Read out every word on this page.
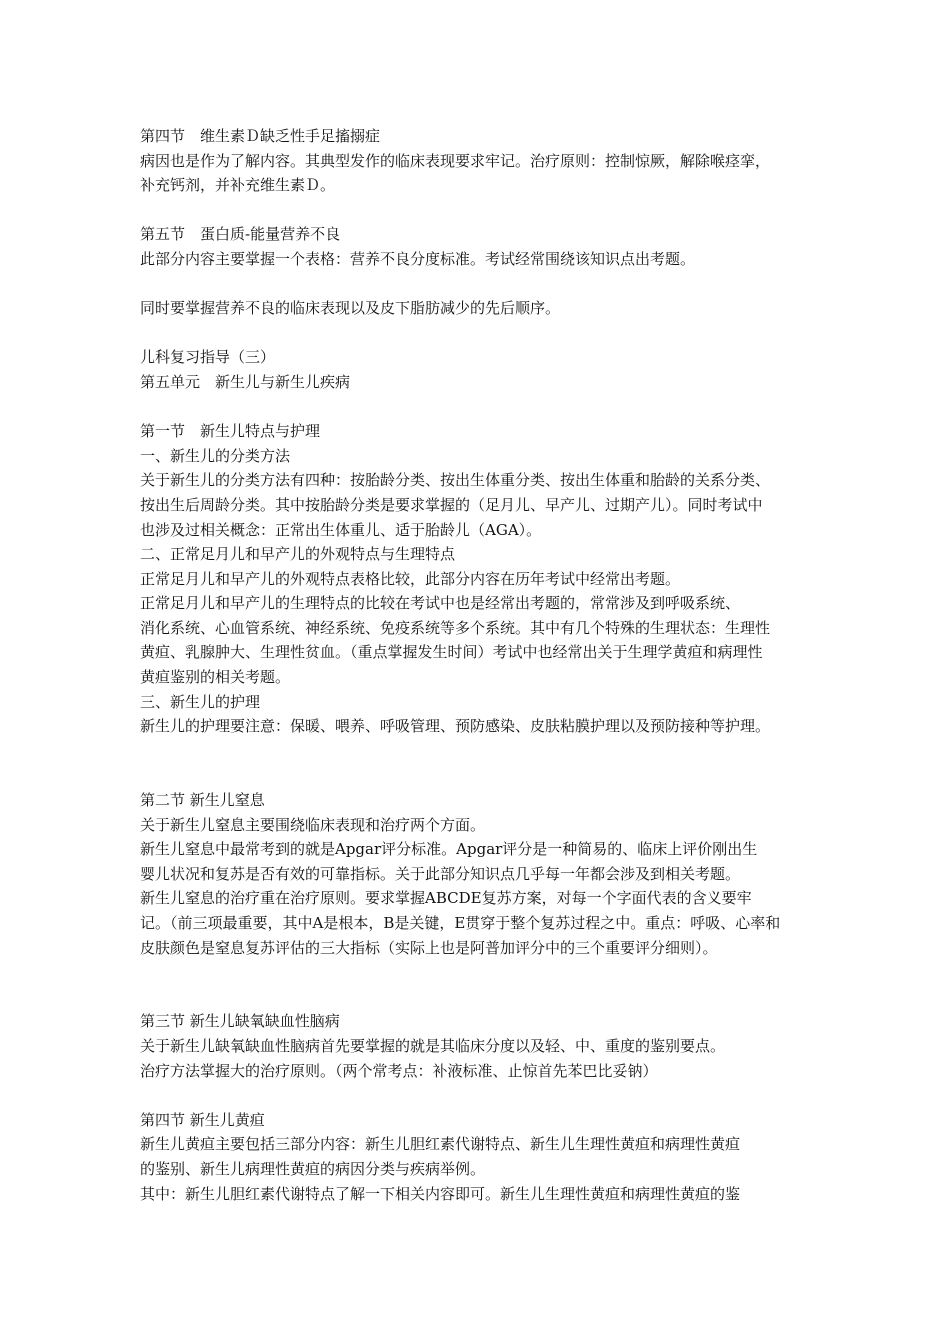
第四节　维生素Ｄ缺乏性手足搐搦症
病因也是作为了解内容。其典型发作的临床表现要求牢记。治疗原则：控制惊厥，解除喉痉挛，
补充钙剂，并补充维生素Ｄ。
第五节　蛋白质-能量营养不良
此部分内容主要掌握一个表格：营养不良分度标准。考试经常围绕该知识点出考题。
同时要掌握营养不良的临床表现以及皮下脂肪减少的先后顺序。
儿科复习指导（三）
第五单元　新生儿与新生儿疾病
第一节　新生儿特点与护理
一、新生儿的分类方法
关于新生儿的分类方法有四种：按胎龄分类、按出生体重分类、按出生体重和胎龄的关系分类、
按出生后周龄分类。其中按胎龄分类是要求掌握的（足月儿、早产儿、过期产儿）。同时考试中
也涉及过相关概念：正常出生体重儿、适于胎龄儿（AGA）。
二、正常足月儿和早产儿的外观特点与生理特点
正常足月儿和早产儿的外观特点表格比较，此部分内容在历年考试中经常出考题。
正常足月儿和早产儿的生理特点的比较在考试中也是经常出考题的，常常涉及到呼吸系统、
消化系统、心血管系统、神经系统、免疫系统等多个系统。其中有几个特殊的生理状态：生理性
黄疸、乳腺肿大、生理性贫血。（重点掌握发生时间）考试中也经常出关于生理学黄疸和病理性
黄疸鉴别的相关考题。
三、新生儿的护理
新生儿的护理要注意：保暖、喂养、呼吸管理、预防感染、皮肤粘膜护理以及预防接种等护理。
第二节 新生儿窒息
关于新生儿窒息主要围绕临床表现和治疗两个方面。
新生儿窒息中最常考到的就是Apgar评分标准。Apgar评分是一种简易的、临床上评价刚出生
婴儿状况和复苏是否有效的可靠指标。关于此部分知识点几乎每一年都会涉及到相关考题。
新生儿窒息的治疗重在治疗原则。要求掌握ABCDE复苏方案，对每一个字面代表的含义要牢
记。（前三项最重要，其中A是根本，B是关键，E贯穿于整个复苏过程之中。重点：呼吸、心率和
皮肤颜色是窒息复苏评估的三大指标（实际上也是阿普加评分中的三个重要评分细则）。
第三节 新生儿缺氧缺血性脑病
关于新生儿缺氧缺血性脑病首先要掌握的就是其临床分度以及轻、中、重度的鉴别要点。
治疗方法掌握大的治疗原则。（两个常考点：补液标准、止惊首先苯巴比妥钠）
第四节 新生儿黄疸
新生儿黄疸主要包括三部分内容：新生儿胆红素代谢特点、新生儿生理性黄疸和病理性黄疸
的鉴别、新生儿病理性黄疸的病因分类与疾病举例。
其中：新生儿胆红素代谢特点了解一下相关内容即可。新生儿生理性黄疸和病理性黄疸的鉴
